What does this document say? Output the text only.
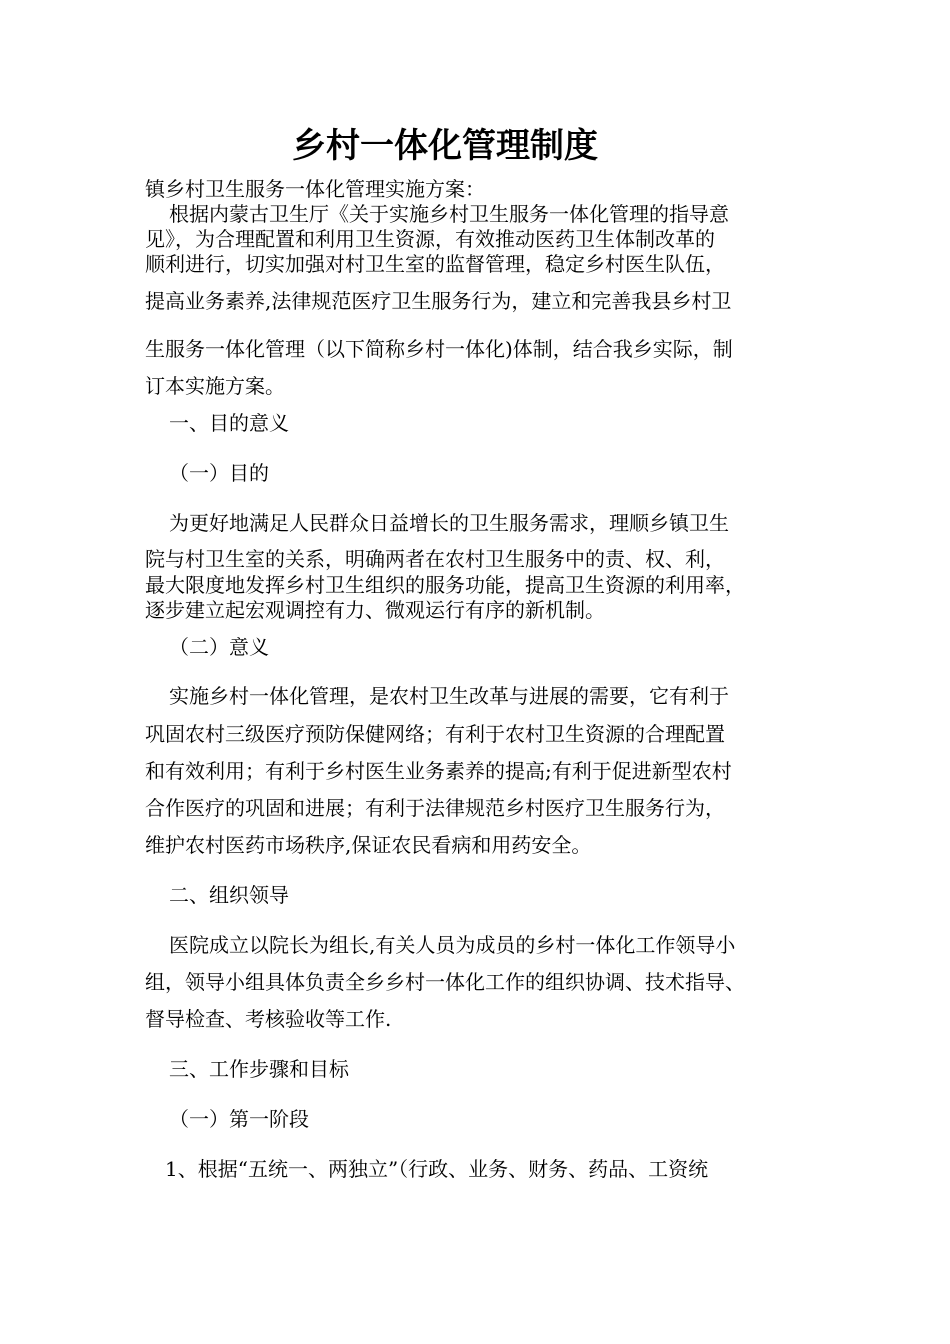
乡村一体化管理制度
镇乡村卫生服务一体化管理实施方案：
根据内蒙古卫生厅《关于实施乡村卫生服务一体化管理的指导意
见》，为合理配置和利用卫生资源，有效推动医药卫生体制改革的
顺利进行，切实加强对村卫生室的监督管理，稳定乡村医生队伍，
提高业务素养,法律规范医疗卫生服务行为，建立和完善我县乡村卫
生服务一体化管理（以下简称乡村一体化)体制，结合我乡实际，制
订本实施方案。
一、目的意义
（一）目的
为更好地满足人民群众日益增长的卫生服务需求，理顺乡镇卫生
院与村卫生室的关系，明确两者在农村卫生服务中的责、权、利，
最大限度地发挥乡村卫生组织的服务功能，提高卫生资源的利用率，
逐步建立起宏观调控有力、微观运行有序的新机制。
（二）意义
实施乡村一体化管理，是农村卫生改革与进展的需要，它有利于
巩固农村三级医疗预防保健网络；有利于农村卫生资源的合理配置
和有效利用；有利于乡村医生业务素养的提高;有利于促进新型农村
合作医疗的巩固和进展；有利于法律规范乡村医疗卫生服务行为，
维护农村医药市场秩序,保证农民看病和用药安全。
二、组织领导
医院成立以院长为组长,有关人员为成员的乡村一体化工作领导小
组，领导小组具体负责全乡乡村一体化工作的组织协调、技术指导、
督导检查、考核验收等工作.
三、工作步骤和目标
（一）第一阶段
1、根据“五统一、两独立”（行政、业务、财务、药品、工资统
